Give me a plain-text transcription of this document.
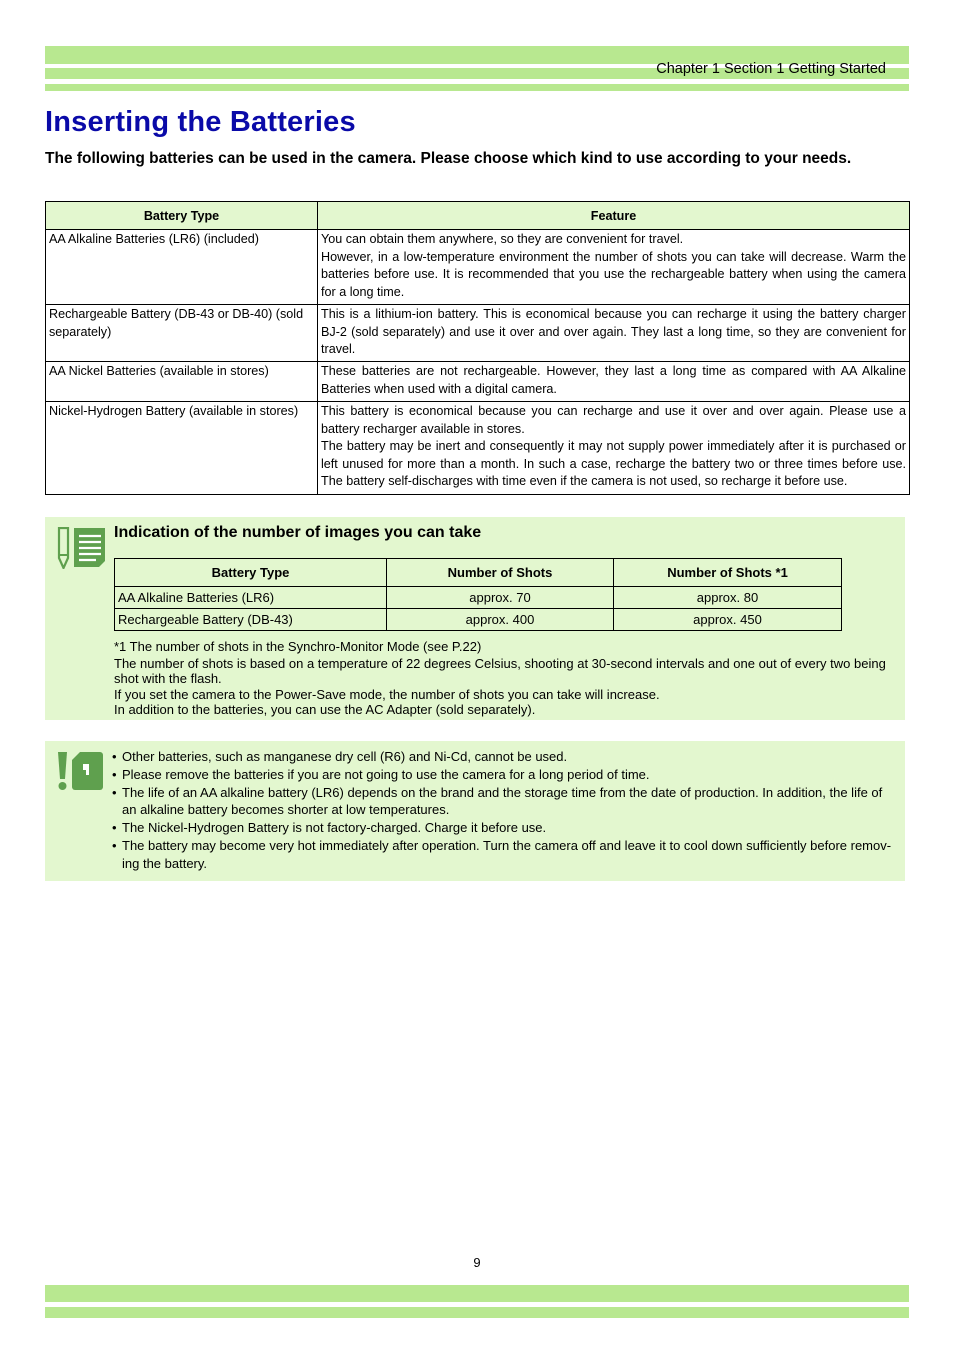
Chapter 1 Section 1 Getting Started
Inserting the Batteries

The following batteries can be used in the camera. Please choose which kind to use according to your needs.

Battery Type	Feature
AA Alkaline Batteries (LR6) (included)	You can obtain them anywhere, so they are convenient for travel.
However, in a low-temperature environment the number of shots you can take will decrease. Warm the batteries before use. It is recommended that you use the rechargeable battery when using the camera for a long time.
Rechargeable Battery (DB-43 or DB-40) (sold separately)	This is a lithium-ion battery. This is economical because you can recharge it using the battery charger BJ-2 (sold separately) and use it over and over again. They last a long time, so they are convenient for travel.
AA Nickel Batteries (available in stores)	These batteries are not rechargeable. However, they last a long time as compared with AA Alkaline Batteries when used with a digital camera.
Nickel-Hydrogen Battery (available in stores)	This battery is economical because you can recharge and use it over and over again. Please use a battery recharger available in stores.
The battery may be inert and consequently it may not supply power immediately after it is purchased or left unused for more than a month. In such a case, recharge the battery two or three times before use. The battery self-discharges with time even if the camera is not used, so recharge it before use.
Indication of the number of images you can take
Battery Type	Number of Shots	Number of Shots *1
AA Alkaline Batteries (LR6)	approx. 70	approx. 80
Rechargeable Battery (DB-43)	approx. 400	approx. 450

*1 The number of shots in the Synchro-Monitor Mode (see P.22)

The number of shots is based on a temperature of 22 degrees Celsius, shooting at 30-second intervals and one out of every two being shot with the flash.

If you set the camera to the Power-Save mode, the number of shots you can take will increase.

In addition to the batteries, you can use the AC Adapter (sold separately).

• Other batteries, such as manganese dry cell (R6) and Ni-Cd, cannot be used.
• Please remove the batteries if you are not going to use the camera for a long period of time.
• The life of an AA alkaline battery (LR6) depends on the brand and the storage time from the date of production. In addition, the life of an alkaline battery becomes shorter at low temperatures.
• The Nickel-Hydrogen Battery is not factory-charged. Charge it before use.
• The battery may become very hot immediately after operation. Turn the camera off and leave it to cool down sufficiently before remov-ing the battery.
9
